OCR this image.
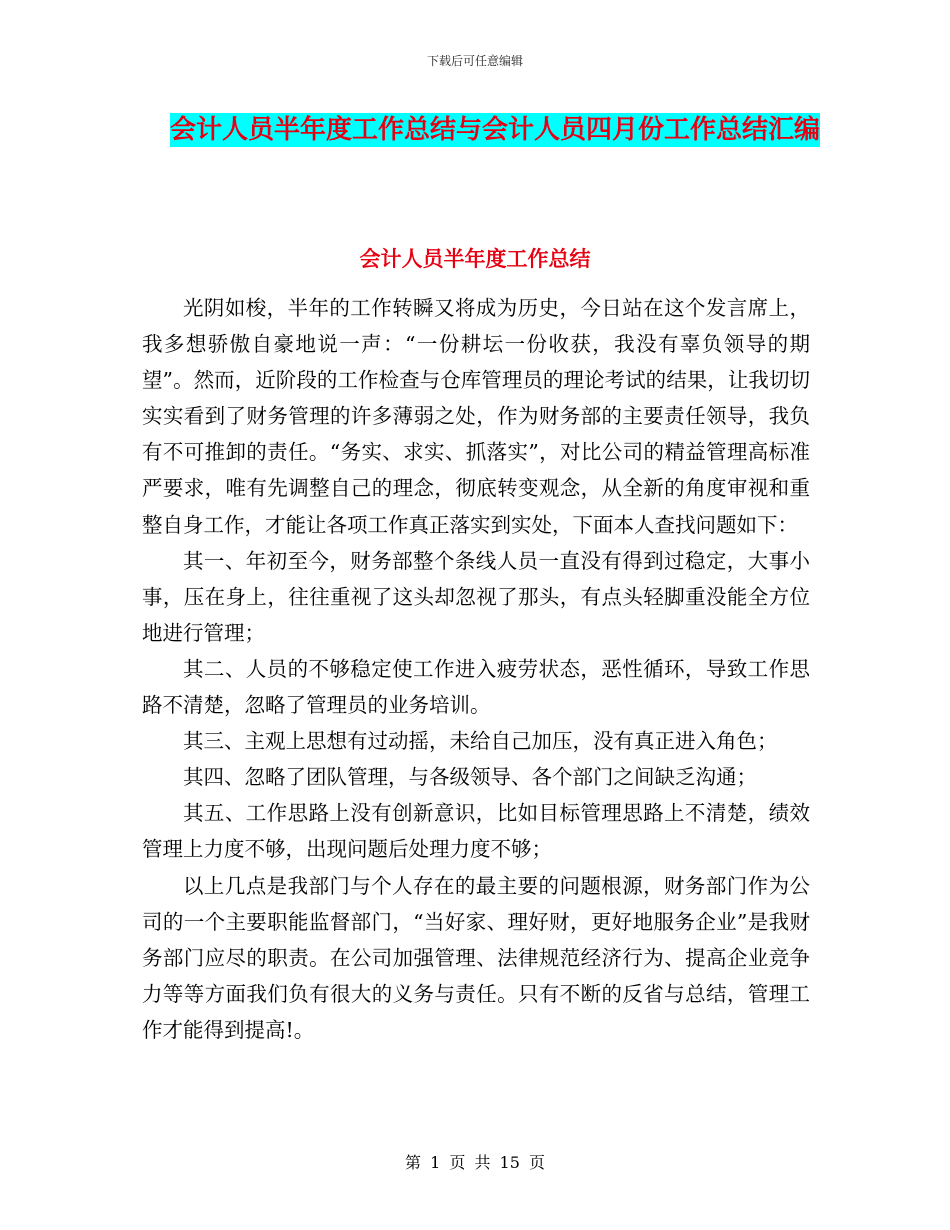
下载后可任意编辑
会计人员半年度工作总结与会计人员四月份工作总结汇编
会计人员半年度工作总结

光阴如梭，半年的工作转瞬又将成为历史，今日站在这个发言席上，我多想骄傲自豪地说一声：“一份耕坛一份收获，我没有辜负领导的期望”。然而，近阶段的工作检查与仓库管理员的理论考试的结果，让我切切实实看到了财务管理的许多薄弱之处，作为财务部的主要责任领导，我负有不可推卸的责任。“务实、求实、抓落实”，对比公司的精益管理高标准严要求，唯有先调整自己的理念，彻底转变观念，从全新的角度审视和重整自身工作，才能让各项工作真正落实到实处，下面本人查找问题如下：

其一、年初至今，财务部整个条线人员一直没有得到过稳定，大事小事，压在身上，往往重视了这头却忽视了那头，有点头轻脚重没能全方位地进行管理；

其二、人员的不够稳定使工作进入疲劳状态，恶性循环，导致工作思路不清楚，忽略了管理员的业务培训。

其三、主观上思想有过动摇，未给自己加压，没有真正进入角色；

其四、忽略了团队管理，与各级领导、各个部门之间缺乏沟通；

其五、工作思路上没有创新意识，比如目标管理思路上不清楚，绩效管理上力度不够，出现问题后处理力度不够；

以上几点是我部门与个人存在的最主要的问题根源，财务部门作为公司的一个主要职能监督部门，“当好家、理好财，更好地服务企业”是我财务部门应尽的职责。在公司加强管理、法律规范经济行为、提高企业竞争力等等方面我们负有很大的义务与责任。只有不断的反省与总结，管理工作才能得到提高!。

第 1 页 共 15 页
